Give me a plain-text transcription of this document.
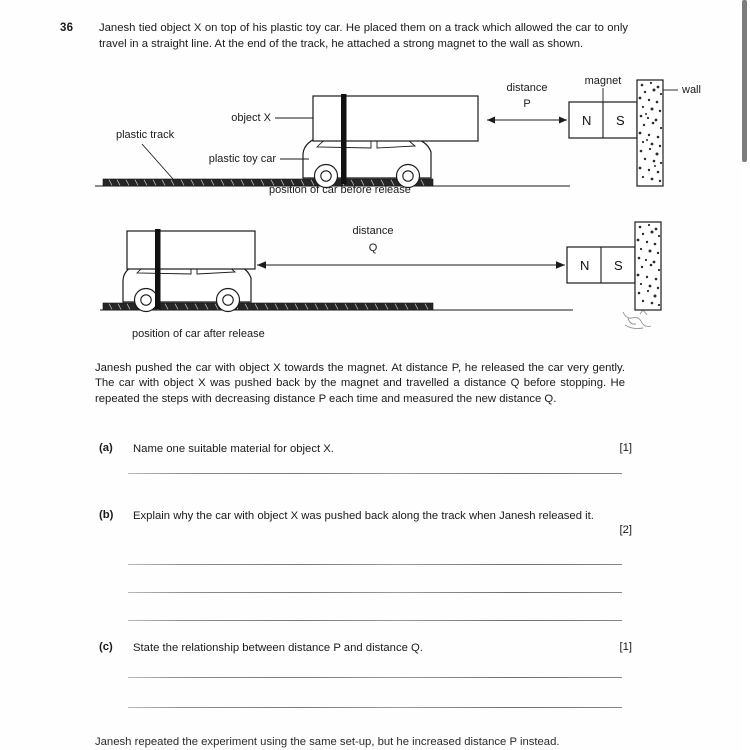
36 Janesh tied object X on top of his plastic toy car. He placed them on a track which allowed the car to only travel in a straight line. At the end of the track, he attached a strong magnet to the wall as shown.
distance
P
N S
magnet
object X
plastic toy car
plastic track
wall
position of car before release
distance
Q
N S
position of car after release
Janesh pushed the car with object X towards the magnet. At distance P, he released the car very gently. The car with object X was pushed back by the magnet and travelled a distance Q before stopping. He repeated the steps with decreasing distance P each time and measured the new distance Q.
(a) Name one suitable material for object X.	[1]
(b) Explain why the car with object X was pushed back along the track when Janesh released it.
[2]
(c) State the relationship between distance P and distance Q.	[1]
Janesh repeated the experiment using the same set-up, but he increased distance P instead.
